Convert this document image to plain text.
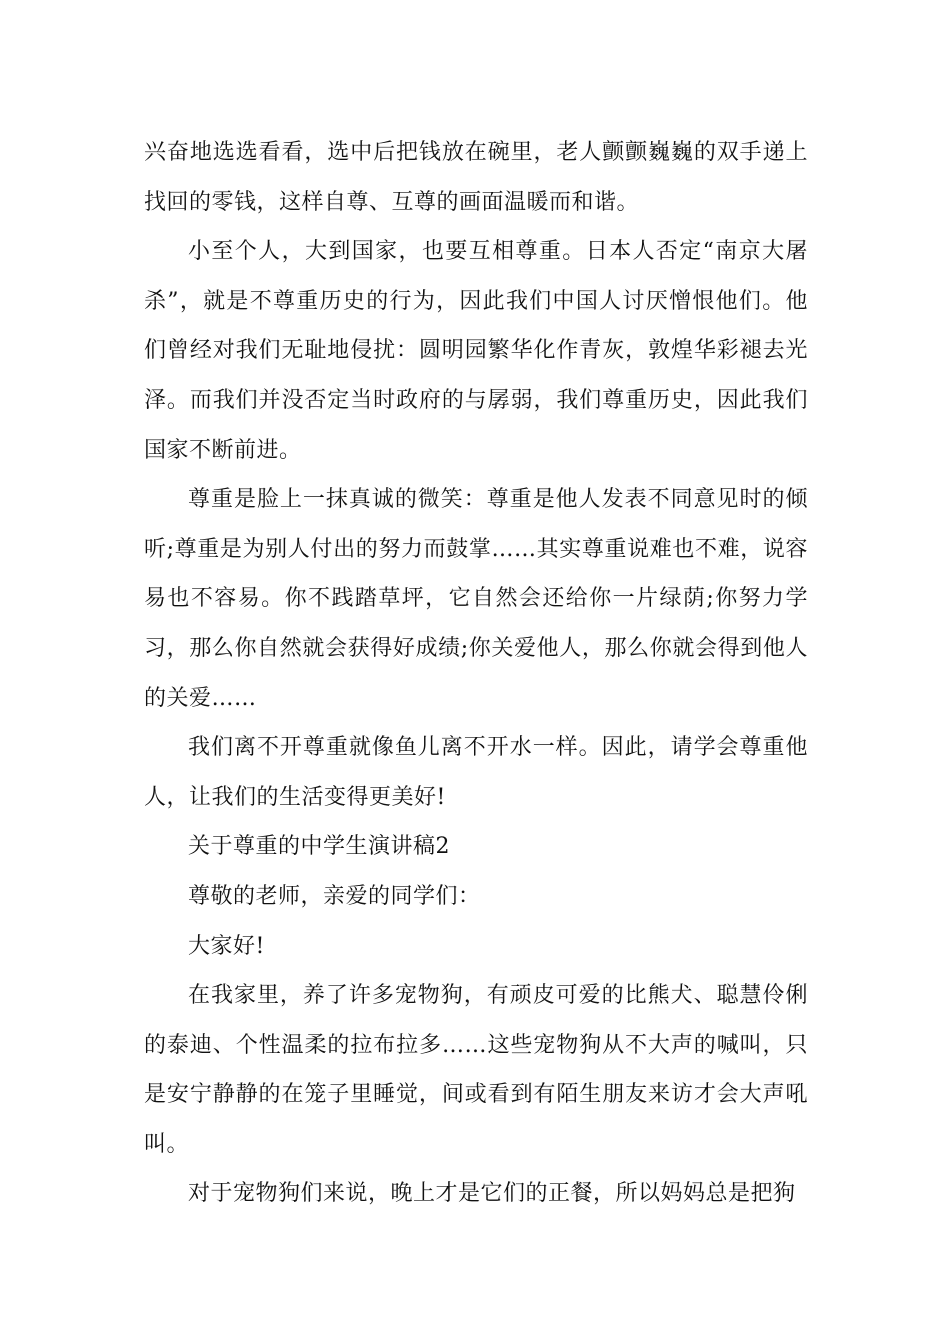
兴奋地选选看看，选中后把钱放在碗里，老人颤颤巍巍的双手递上找回的零钱，这样自尊、互尊的画面温暖而和谐。

小至个人，大到国家，也要互相尊重。日本人否定“南京大屠杀”，就是不尊重历史的行为，因此我们中国人讨厌憎恨他们。他们曾经对我们无耻地侵扰：圆明园繁华化作青灰，敦煌华彩褪去光泽。而我们并没否定当时政府的与孱弱，我们尊重历史，因此我们国家不断前进。

尊重是脸上一抹真诚的微笑：尊重是他人发表不同意见时的倾听;尊重是为别人付出的努力而鼓掌……其实尊重说难也不难，说容易也不容易。你不践踏草坪，它自然会还给你一片绿荫;你努力学习，那么你自然就会获得好成绩;你关爱他人，那么你就会得到他人的关爱……

我们离不开尊重就像鱼儿离不开水一样。因此，请学会尊重他人，让我们的生活变得更美好!

关于尊重的中学生演讲稿2

尊敬的老师，亲爱的同学们：

大家好!

在我家里，养了许多宠物狗，有顽皮可爱的比熊犬、聪慧伶俐的泰迪、个性温柔的拉布拉多……这些宠物狗从不大声的喊叫，只是安宁静静的在笼子里睡觉，间或看到有陌生朋友来访才会大声吼叫。

对于宠物狗们来说，晚上才是它们的正餐，所以妈妈总是把狗
